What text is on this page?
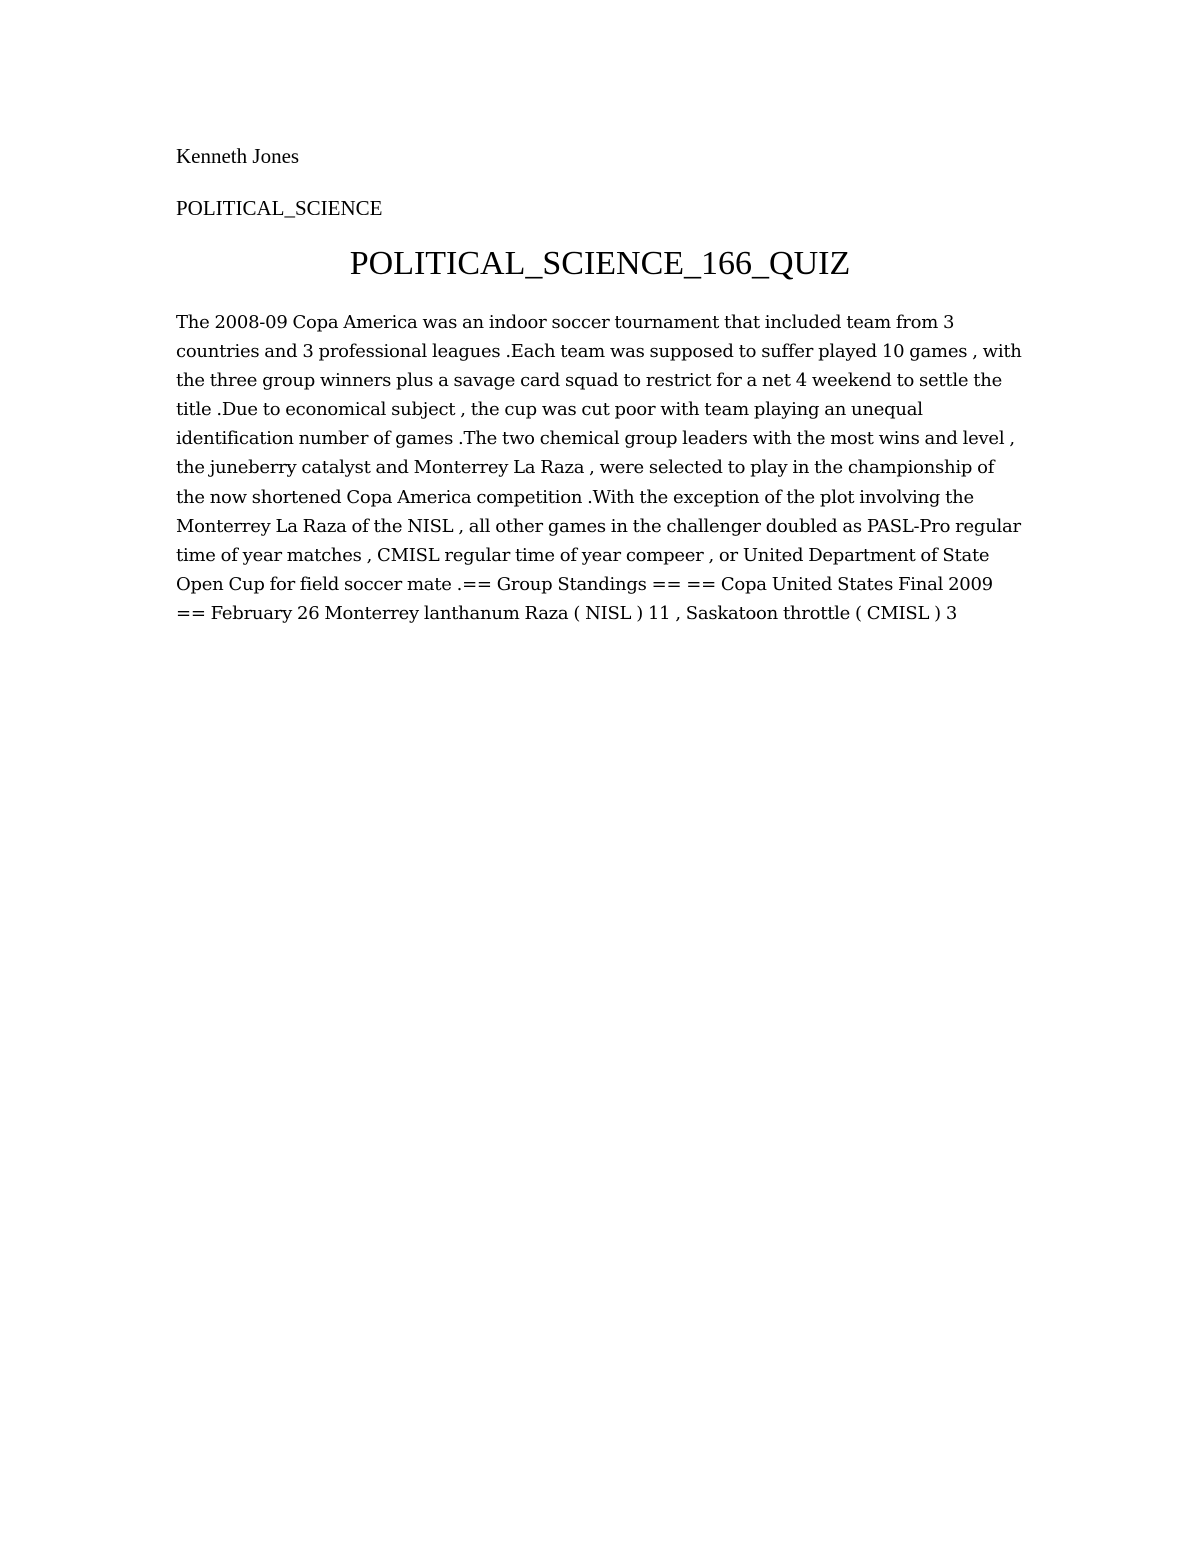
Kenneth Jones

POLITICAL_SCIENCE

POLITICAL_SCIENCE_166_QUIZ

The 2008-09 Copa America was an indoor soccer tournament that included team from 3 countries and 3 professional leagues .Each team was supposed to suffer played 10 games , with the three group winners plus a savage card squad to restrict for a net 4 weekend to settle the title .Due to economical subject , the cup was cut poor with team playing an unequal identification number of games .The two chemical group leaders with the most wins and level , the juneberry catalyst and Monterrey La Raza , were selected to play in the championship of the now shortened Copa America competition .With the exception of the plot involving the Monterrey La Raza of the NISL , all other games in the challenger doubled as PASL-Pro regular time of year matches , CMISL regular time of year compeer , or United Department of State Open Cup for field soccer mate .== Group Standings == == Copa United States Final 2009 == February 26 Monterrey lanthanum Raza ( NISL ) 11 , Saskatoon throttle ( CMISL ) 3
